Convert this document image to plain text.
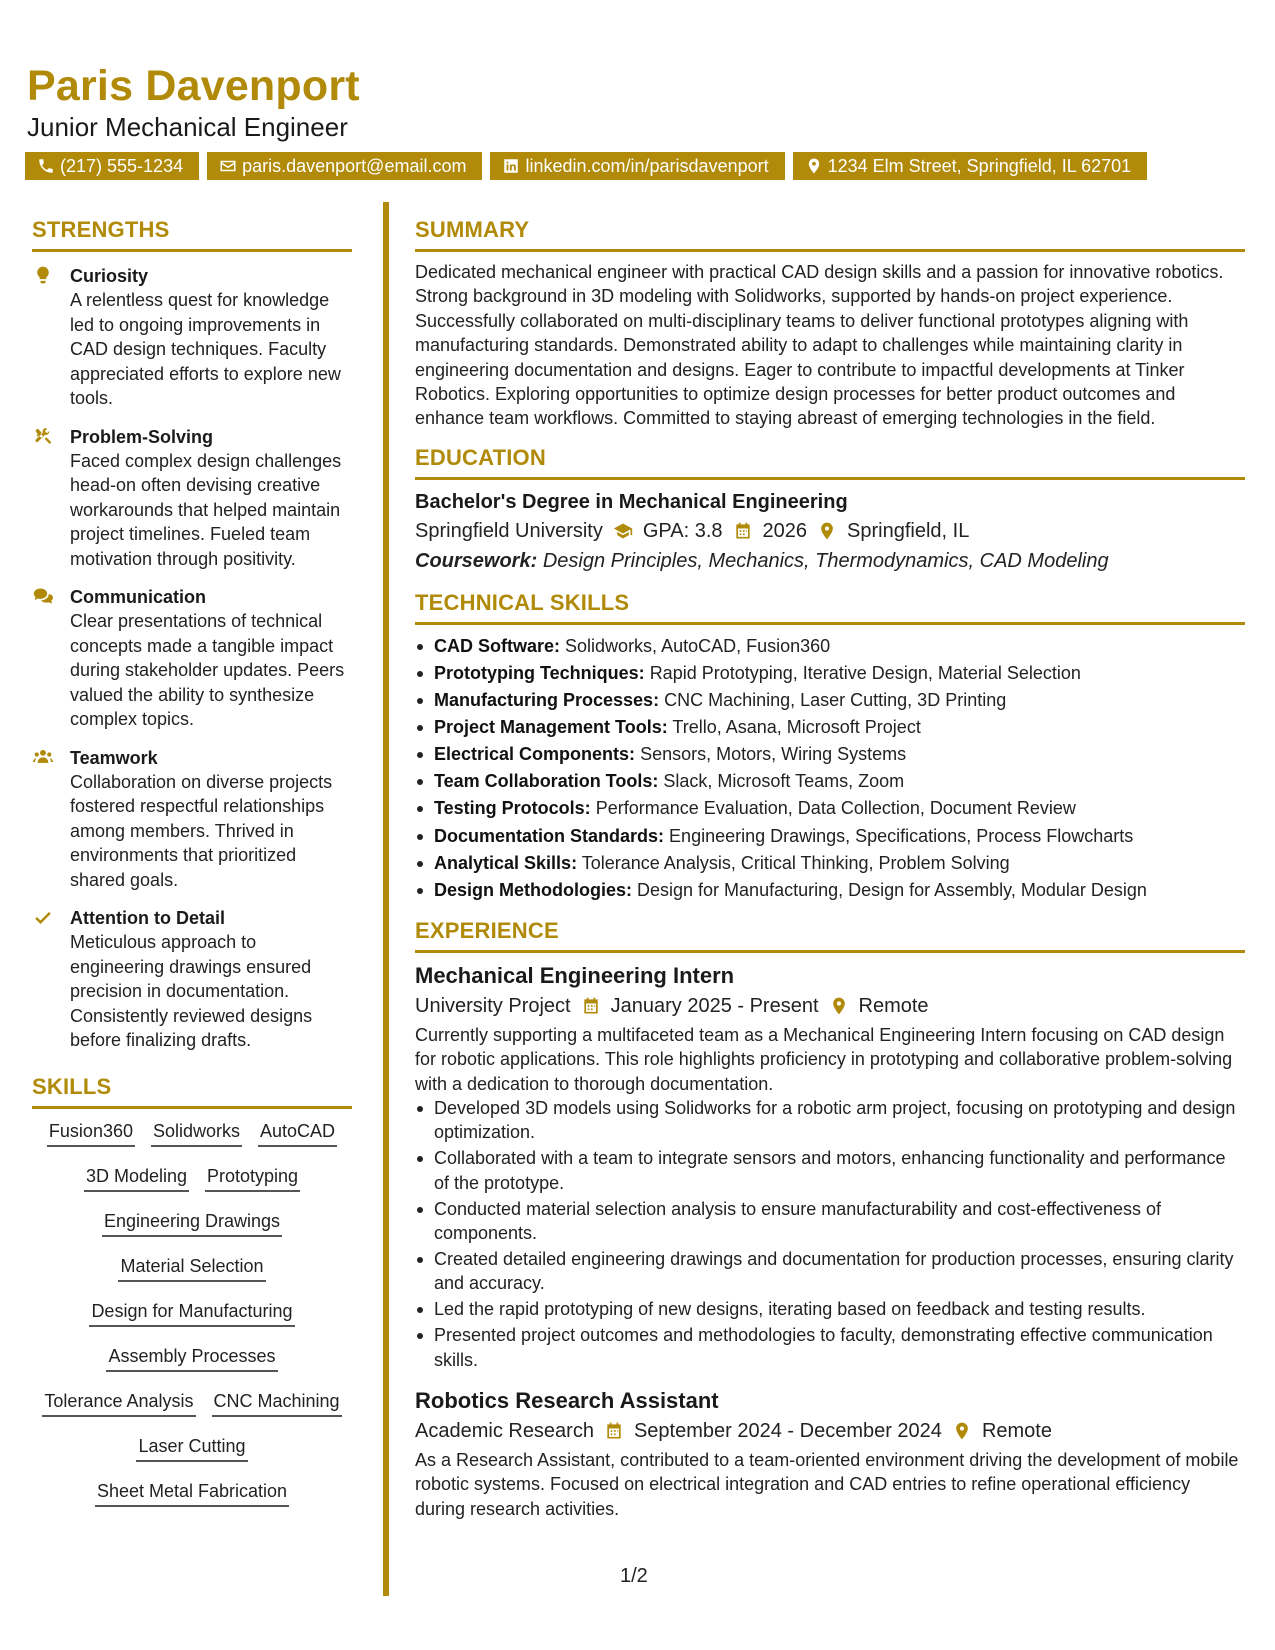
Paris Davenport
Junior Mechanical Engineer
(217) 555-1234	paris.davenport@email.com	linkedin.com/in/parisdavenport	1234 Elm Street, Springfield, IL 62701
STRENGTHS
Curiosity
A relentless quest for knowledge led to ongoing improvements in CAD design techniques. Faculty appreciated efforts to explore new tools.
Problem-Solving
Faced complex design challenges head-on often devising creative workarounds that helped maintain project timelines. Fueled team motivation through positivity.
Communication
Clear presentations of technical concepts made a tangible impact during stakeholder updates. Peers valued the ability to synthesize complex topics.
Teamwork
Collaboration on diverse projects fostered respectful relationships among members. Thrived in environments that prioritized shared goals.
Attention to Detail
Meticulous approach to engineering drawings ensured precision in documentation. Consistently reviewed designs before finalizing drafts.
SKILLS
Fusion360 Solidworks AutoCAD
3D Modeling Prototyping
Engineering Drawings
Material Selection
Design for Manufacturing
Assembly Processes
Tolerance Analysis CNC Machining
Laser Cutting
Sheet Metal Fabrication
SUMMARY
Dedicated mechanical engineer with practical CAD design skills and a passion for innovative robotics. Strong background in 3D modeling with Solidworks, supported by hands-on project experience. Successfully collaborated on multi-disciplinary teams to deliver functional prototypes aligning with manufacturing standards. Demonstrated ability to adapt to challenges while maintaining clarity in engineering documentation and designs. Eager to contribute to impactful developments at Tinker Robotics. Exploring opportunities to optimize design processes for better product outcomes and enhance team workflows. Committed to staying abreast of emerging technologies in the field.
EDUCATION
Bachelor's Degree in Mechanical Engineering
Springfield University GPA: 3.8 2026 Springfield, IL
Coursework: Design Principles, Mechanics, Thermodynamics, CAD Modeling
TECHNICAL SKILLS
CAD Software: Solidworks, AutoCAD, Fusion360
Prototyping Techniques: Rapid Prototyping, Iterative Design, Material Selection
Manufacturing Processes: CNC Machining, Laser Cutting, 3D Printing
Project Management Tools: Trello, Asana, Microsoft Project
Electrical Components: Sensors, Motors, Wiring Systems
Team Collaboration Tools: Slack, Microsoft Teams, Zoom
Testing Protocols: Performance Evaluation, Data Collection, Document Review
Documentation Standards: Engineering Drawings, Specifications, Process Flowcharts
Analytical Skills: Tolerance Analysis, Critical Thinking, Problem Solving
Design Methodologies: Design for Manufacturing, Design for Assembly, Modular Design
EXPERIENCE
Mechanical Engineering Intern
University Project January 2025 - Present Remote
Currently supporting a multifaceted team as a Mechanical Engineering Intern focusing on CAD design for robotic applications. This role highlights proficiency in prototyping and collaborative problem-solving with a dedication to thorough documentation.
Developed 3D models using Solidworks for a robotic arm project, focusing on prototyping and design optimization.
Collaborated with a team to integrate sensors and motors, enhancing functionality and performance of the prototype.
Conducted material selection analysis to ensure manufacturability and cost-effectiveness of components.
Created detailed engineering drawings and documentation for production processes, ensuring clarity and accuracy.
Led the rapid prototyping of new designs, iterating based on feedback and testing results.
Presented project outcomes and methodologies to faculty, demonstrating effective communication skills.
Robotics Research Assistant
Academic Research September 2024 - December 2024 Remote
As a Research Assistant, contributed to a team-oriented environment driving the development of mobile robotic systems. Focused on electrical integration and CAD entries to refine operational efficiency during research activities.
1/2
